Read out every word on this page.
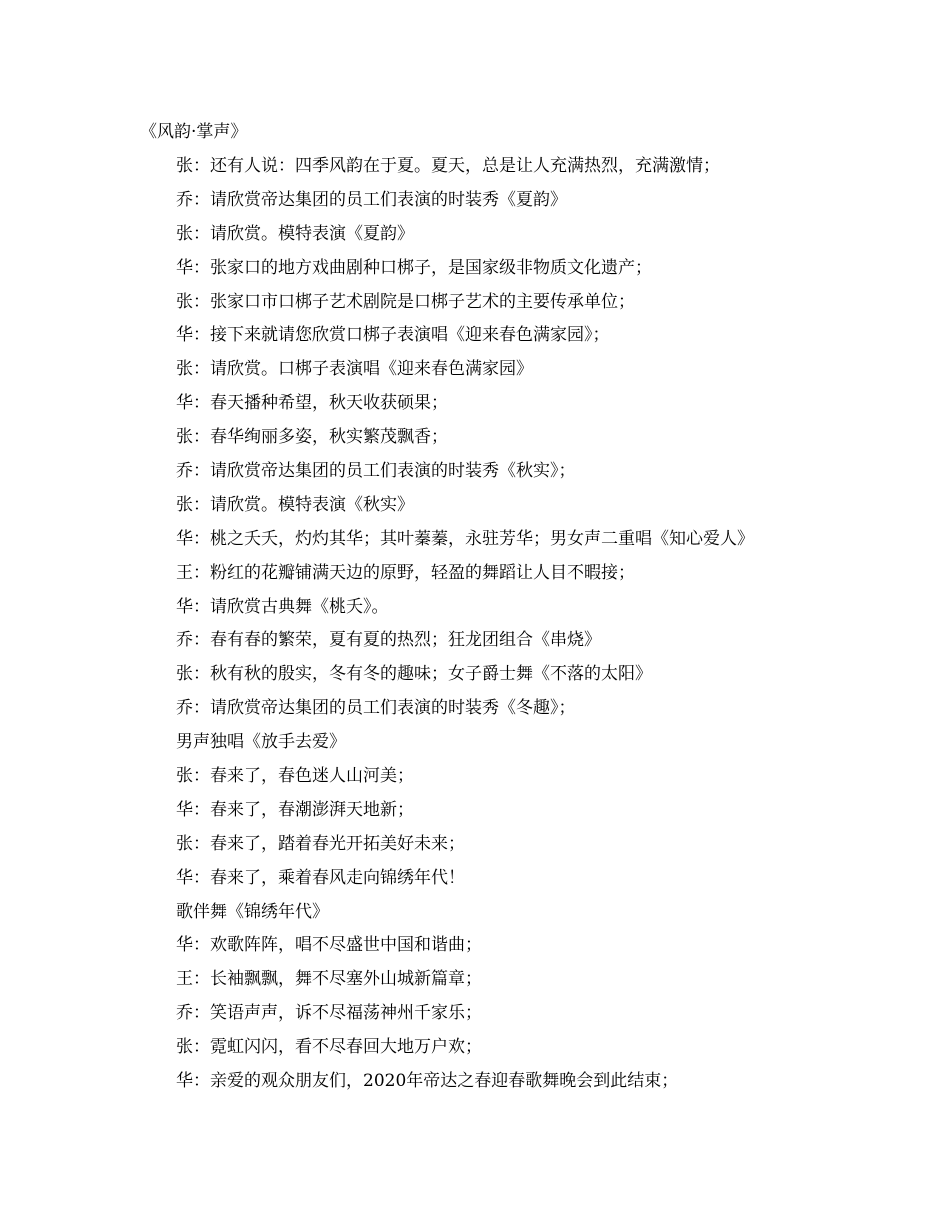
《风韵·掌声》
张：还有人说：四季风韵在于夏。夏天，总是让人充满热烈，充满激情；
乔：请欣赏帝达集团的员工们表演的时装秀《夏韵》
张：请欣赏。模特表演《夏韵》
华：张家口的地方戏曲剧种口梆子，是国家级非物质文化遗产；
张：张家口市口梆子艺术剧院是口梆子艺术的主要传承单位；
华：接下来就请您欣赏口梆子表演唱《迎来春色满家园》；
张：请欣赏。口梆子表演唱《迎来春色满家园》
华：春天播种希望，秋天收获硕果；
张：春华绚丽多姿，秋实繁茂飘香；
乔：请欣赏帝达集团的员工们表演的时装秀《秋实》；
张：请欣赏。模特表演《秋实》
华：桃之夭夭，灼灼其华；其叶蓁蓁，永驻芳华；男女声二重唱《知心爱人》
王：粉红的花瓣铺满天边的原野，轻盈的舞蹈让人目不暇接；
华：请欣赏古典舞《桃夭》。
乔：春有春的繁荣，夏有夏的热烈；狂龙团组合《串烧》
张：秋有秋的殷实，冬有冬的趣味；女子爵士舞《不落的太阳》
乔：请欣赏帝达集团的员工们表演的时装秀《冬趣》；
男声独唱《放手去爱》
张：春来了，春色迷人山河美；
华：春来了，春潮澎湃天地新；
张：春来了，踏着春光开拓美好未来；
华：春来了，乘着春风走向锦绣年代！
歌伴舞《锦绣年代》
华：欢歌阵阵，唱不尽盛世中国和谐曲；
王：长袖飘飘，舞不尽塞外山城新篇章；
乔：笑语声声，诉不尽福荡神州千家乐；
张：霓虹闪闪，看不尽春回大地万户欢；
华：亲爱的观众朋友们，2020年帝达之春迎春歌舞晚会到此结束；
